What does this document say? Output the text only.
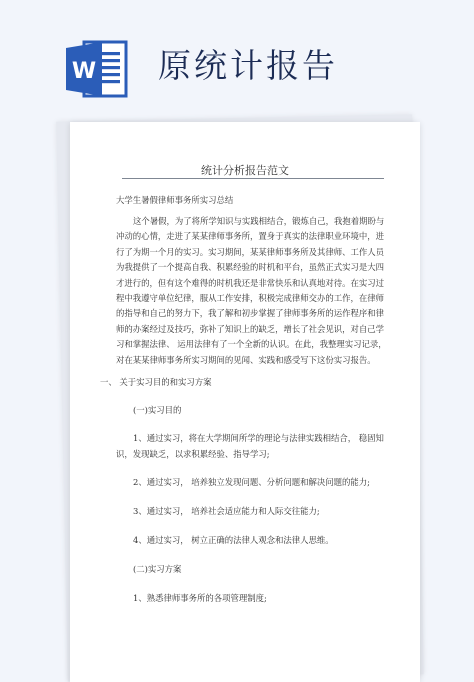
W 原统计报告
统计分析报告范文

大学生暑假律师事务所实习总结

这个暑假，为了将所学知识与实践相结合，锻炼自己，我抱着期盼与

冲动的心情，走进了某某律师事务所，置身于真实的法律职业环境中，进

行了为期一个月的实习。实习期间，某某律师事务所及其律师、工作人员

为我提供了一个提高自我、积累经验的时机和平台，虽然正式实习是大四

才进行的，但有这个难得的时机我还是非常快乐和认真地对待。在实习过

程中我遵守单位纪律，服从工作安排，积极完成律师交办的工作，在律师

的指导和自己的努力下，我了解和初步掌握了律师事务所的运作程序和律

师的办案经过及技巧，弥补了知识上的缺乏，增长了社会见识，对自己学

习和掌握法律、 运用法律有了一个全新的认识。在此，我整理实习记录，

对在某某律师事务所实习期间的见闻、实践和感受写下这份实习报告。

一、 关于实习目的和实习方案

(一)实习目的

1、通过实习，将在大学期间所学的理论与法律实践相结合， 稳固知

识，发现缺乏，以求积累经验、指导学习;

2、通过实习， 培养独立发现问题、分析问题和解决问题的能力;

3、通过实习， 培养社会适应能力和人际交往能力;

4、通过实习， 树立正确的法律人观念和法律人思维。

(二)实习方案

1、熟悉律师事务所的各项管理制度;
